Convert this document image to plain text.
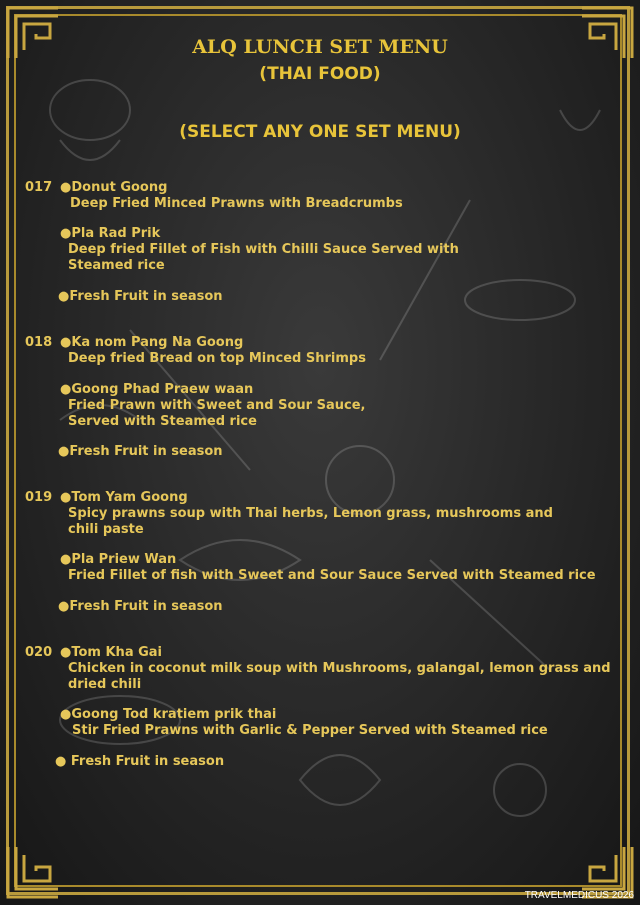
ALQ LUNCH SET MENU
(THAI FOOD)
(SELECT ANY ONE SET MENU)
017 ●Donut Goong
Deep Fried Minced Prawns with Breadcrumbs
●Pla Rad Prik
Deep fried Fillet of Fish with Chilli Sauce Served with
Steamed rice
●Fresh Fruit in season
018 ●Ka nom Pang Na Goong
Deep fried Bread on top Minced Shrimps
●Goong Phad Praew waan
Fried Prawn with Sweet and Sour Sauce,
Served with Steamed rice
●Fresh Fruit in season
019 ●Tom Yam Goong
Spicy prawns soup with Thai herbs, Lemon grass, mushrooms and
chili paste
●Pla Priew Wan
Fried Fillet of fish with Sweet and Sour Sauce Served with Steamed rice
●Fresh Fruit in season
020 ●Tom Kha Gai
Chicken in coconut milk soup with Mushrooms, galangal, lemon grass and
dried chili
●Goong Tod kratiem prik thai
Stir Fried Prawns with Garlic & Pepper Served with Steamed rice
● Fresh Fruit in season
TRAVELMEDICUS 2026
